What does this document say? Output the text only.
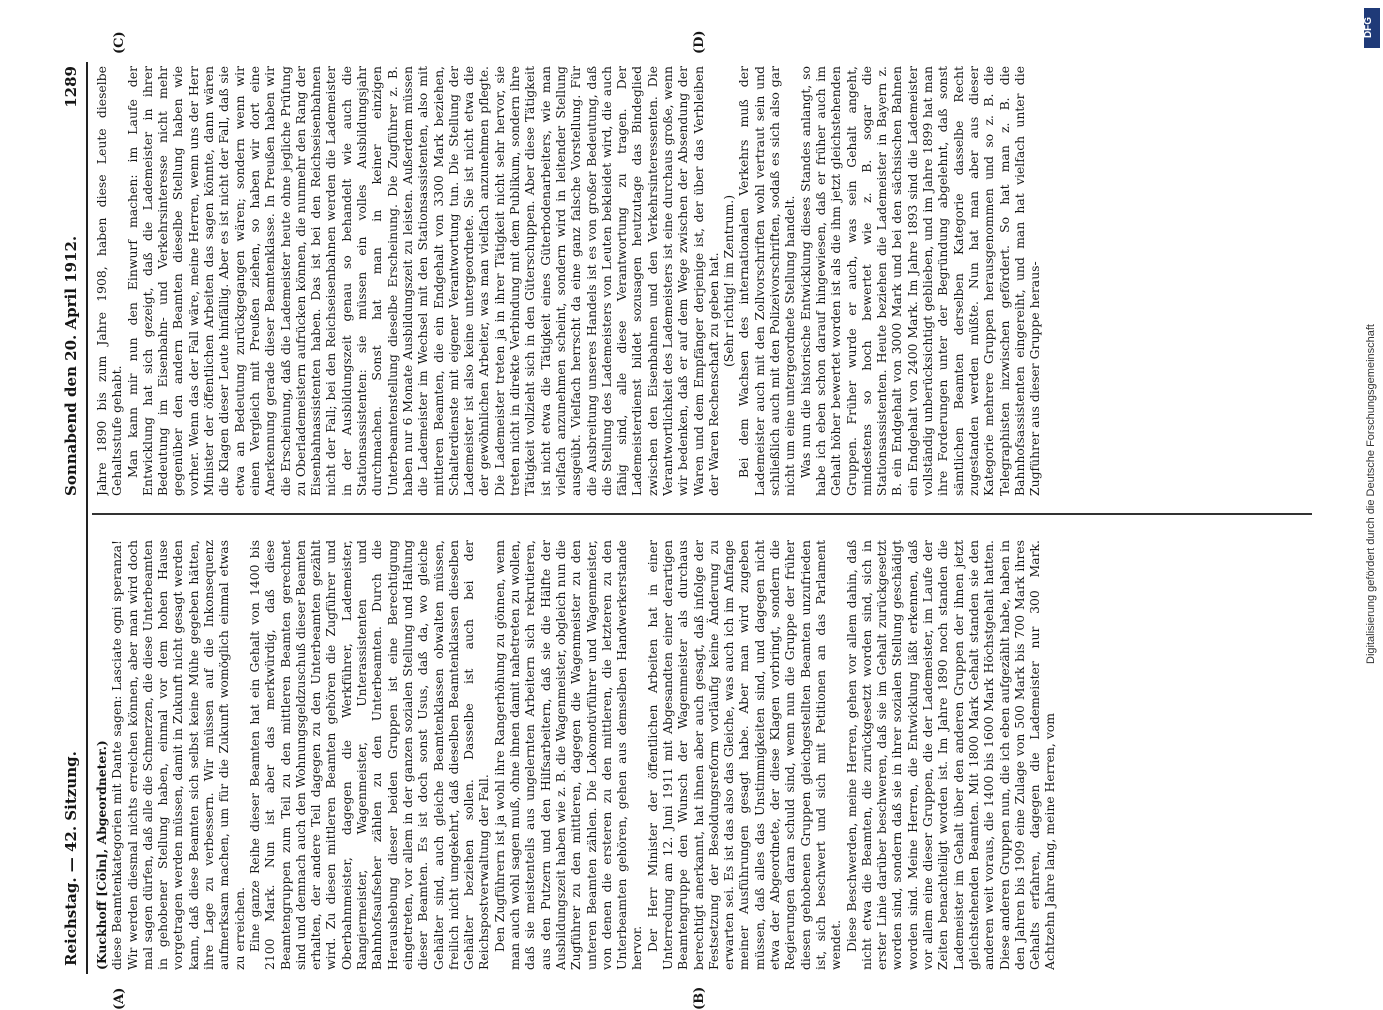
Reichstag. — 42. Sitzung.
Sonnabend den 20. April 1912.
1289
(A)	(B)
(C)	(D)

(Kuckhoff [Cöln], Abgeordneter.) diese Beamtenkategorien mit Dante sagen: Lasciate ogni speranza! Wir werden diesmal nichts erreichen können, aber man wird doch mal sagen dürfen, daß alle die Schmerzen, die diese Unterbeamten in gehobener Stellung haben, einmal vor dem hohen Hause vorgetragen werden müssen, damit in Zukunft nicht gesagt werden kann, daß diese Beamten sich selbst keine Mühe gegeben hätten, ihre Lage zu verbessern. Wir müssen auf die Inkonsequenz aufmerksam machen, um für die Zukunft womöglich einmal etwas zu erreichen. Eine ganze Reihe dieser Beamten hat ein Gehalt von 1400 bis 2100 Mark. Nun ist aber das merkwürdig, daß diese Beamtengruppen zum Teil zu den mittleren Beamten gerechnet sind und demnach auch den Wohnungsgeldzuschuß dieser Beamten erhalten, der andere Teil dagegen zu den Unterbeamten gezählt wird. Zu diesen mittleren Beamten gehören die Zugführer und Oberbahnmeister, dagegen die Werkführer, Lademeister, Rangiermeister, Wagenmeister, Unterassistenten und Bahnhofsaufseher zählen zu den Unterbeamten. Durch die Heraushebung dieser beiden Gruppen ist eine Berechtigung eingetreten, vor allem in der ganzen sozialen Stellung und Haltung dieser Beamten. Es ist doch sonst Usus, daß da, wo gleiche Gehälter sind, auch gleiche Beamtenklassen obwalten müssen, freilich nicht umgekehrt, daß dieselben Beamtenklassen dieselben Gehälter beziehen sollen. Dasselbe ist auch bei der Reichspostverwaltung der Fall. Den Zugführern ist ja wohl ihre Rangerhöhung zu gönnen, wenn man auch wohl sagen muß, ohne ihnen damit nahetreten zu wollen, daß sie meistenteils aus ungelernten Arbeitern sich rekrutieren, aus den Putzern und den Hilfsarbeitern, daß sie die Hälfte der Ausbildungszeit haben wie z. B. die Wagenmeister, obgleich nun die Zugführer zu den mittleren, dagegen die Wagenmeister zu den unteren Beamten zählen. Die Lokomotivführer und Wagenmeister, von denen die ersteren zu den mittleren, die letzteren zu den Unterbeamten gehören, gehen aus demselben Handwerkerstande hervor. Der Herr Minister der öffentlichen Arbeiten hat in einer Unterredung am 12. Juni 1911 mit Abgesandten einer derartigen Beamtengruppe den Wunsch der Wagenmeister als durchaus berechtigt anerkannt, hat ihnen aber auch gesagt, daß infolge der Festsetzung der Besoldungsreform vorläufig keine Änderung zu erwarten sei. Es ist das also das Gleiche, was auch ich im Anfange meiner Ausführungen gesagt habe. Aber man wird zugeben müssen, daß alles das Unstimmigkeiten sind, und dagegen nicht etwa der Abgeordnete, der diese Klagen vorbringt, sondern die Regierungen daran schuld sind, wenn nun die Gruppe der früher diesen gehobenen Gruppen gleichgestellten Beamten unzufrieden ist, sich beschwert und sich mit Petitionen an das Parlament wendet. Diese Beschwerden, meine Herren, gehen vor allem dahin, daß nicht etwa die Beamten, die zurückgesetzt worden sind, sich in erster Linie darüber beschweren, daß sie im Gehalt zurückgesetzt worden sind, sondern daß sie in ihrer sozialen Stellung geschädigt worden sind. Meine Herren, die Entwicklung läßt erkennen, daß vor allem eine dieser Gruppen, die der Lademeister, im Laufe der Zeiten benachteiligt worden ist. Im Jahre 1890 noch standen die Lademeister im Gehalt über den anderen Gruppen der ihnen jetzt gleichstehenden Beamten. Mit 1800 Mark Gehalt standen sie den anderen weit voraus, die 1400 bis 1600 Mark Höchstgehalt hatten. Diese anderen Gruppen nun, die ich eben aufgezählt habe, haben in den Jahren bis 1909 eine Zulage von 500 Mark bis 700 Mark ihres Gehalts erfahren, dagegen die Lademeister nur 300 Mark. Achtzehn Jahre lang, meine Herren, vom

Jahre 1890 bis zum Jahre 1908, haben diese Leute dieselbe Gehaltsstufe gehabt. Man kann mir nun den Einwurf machen: im Laufe der Entwicklung hat sich gezeigt, daß die Lademeister in ihrer Bedeutung im Eisenbahn- und Verkehrsinteresse nicht mehr gegenüber den andern Beamten dieselbe Stellung haben wie vorher. Wenn das der Fall wäre, meine Herren, wenn uns der Herr Minister der öffentlichen Arbeiten das sagen könnte, dann wären die Klagen dieser Leute hinfällig. Aber es ist nicht der Fall, daß sie etwa an Bedeutung zurückgegangen wären; sondern wenn wir einen Vergleich mit Preußen ziehen, so haben wir dort eine Anerkennung gerade dieser Beamtenklasse. In Preußen haben wir die Erscheinung, daß die Lademeister heute ohne jegliche Prüfung zu Oberlademeistern aufrücken können, die nunmehr den Rang der Eisenbahnassistenten haben. Das ist bei den Reichseisenbahnen nicht der Fall; bei den Reichseisenbahnen werden die Lademeister in der Ausbildungszeit genau so behandelt wie auch die Stationsassistenten: sie müssen ein volles Ausbildungsjahr durchmachen. Sonst hat man in keiner einzigen Unterbeamtenstellung dieselbe Erscheinung. Die Zugführer z. B. haben nur 6 Monate Ausbildungszeit zu leisten. Außerdem müssen die Lademeister im Wechsel mit den Stationsassistenten, also mit mittleren Beamten, die ein Endgehalt von 3300 Mark beziehen, Schalterdienste mit eigener Verantwortung tun. Die Stellung der Lademeister ist also keine untergeordnete. Sie ist nicht etwa die der gewöhnlichen Arbeiter, was man vielfach anzunehmen pflegte. Die Lademeister treten ja in ihrer Tätigkeit nicht sehr hervor, sie treten nicht in direkte Verbindung mit dem Publikum, sondern ihre Tätigkeit vollzieht sich in den Güterschuppen. Aber diese Tätigkeit ist nicht etwa die Tätigkeit eines Güterbodenarbeiters, wie man vielfach anzunehmen scheint, sondern wird in leitender Stellung ausgeübt. Vielfach herrscht da eine ganz falsche Vorstellung. Für die Ausbreitung unseres Handels ist es von großer Bedeutung, daß die Stellung des Lademeisters von Leuten bekleidet wird, die auch fähig sind, alle diese Verantwortung zu tragen. Der Lademeisterdienst bildet sozusagen heutzutage das Bindeglied zwischen den Eisenbahnen und den Verkehrsinteressenten. Die Verantwortlichkeit des Lademeisters ist eine durchaus große, wenn wir bedenken, daß er auf dem Wege zwischen der Absendung der Waren und dem Empfänger derjenige ist, der über das Verbleiben der Waren Rechenschaft zu geben hat. (Sehr richtig! im Zentrum.) Bei dem Wachsen des internationalen Verkehrs muß der Lademeister auch mit den Zollvorschriften wohl vertraut sein und schließlich auch mit den Polizeivorschriften, sodaß es sich also gar nicht um eine untergeordnete Stellung handelt. Was nun die historische Entwicklung dieses Standes anlangt, so habe ich eben schon darauf hingewiesen, daß er früher auch im Gehalt höher bewertet worden ist als die ihm jetzt gleichstehenden Gruppen. Früher wurde er auch, was sein Gehalt angeht, mindestens so hoch bewertet wie z. B. sogar die Stationsassistenten. Heute beziehen die Lademeister in Bayern z. B. ein Endgehalt von 3000 Mark und bei den sächsischen Bahnen ein Endgehalt von 2400 Mark. Im Jahre 1893 sind die Lademeister vollständig unberücksichtigt geblieben, und im Jahre 1899 hat man ihre Forderungen unter der Begründung abgelehnt, daß sonst sämtlichen Beamten derselben Kategorie dasselbe Recht zugestanden werden müßte. Nun hat man aber aus dieser Kategorie mehrere Gruppen herausgenommen und so z. B. die Telegraphisten inzwischen gefördert. So hat man z. B. die Bahnhofsassistenten eingereiht, und man hat vielfach unter die Zugführer aus dieser Gruppe heraus-

DFG
Digitalisierung gefördert durch die Deutsche Forschungsgemeinschaft
